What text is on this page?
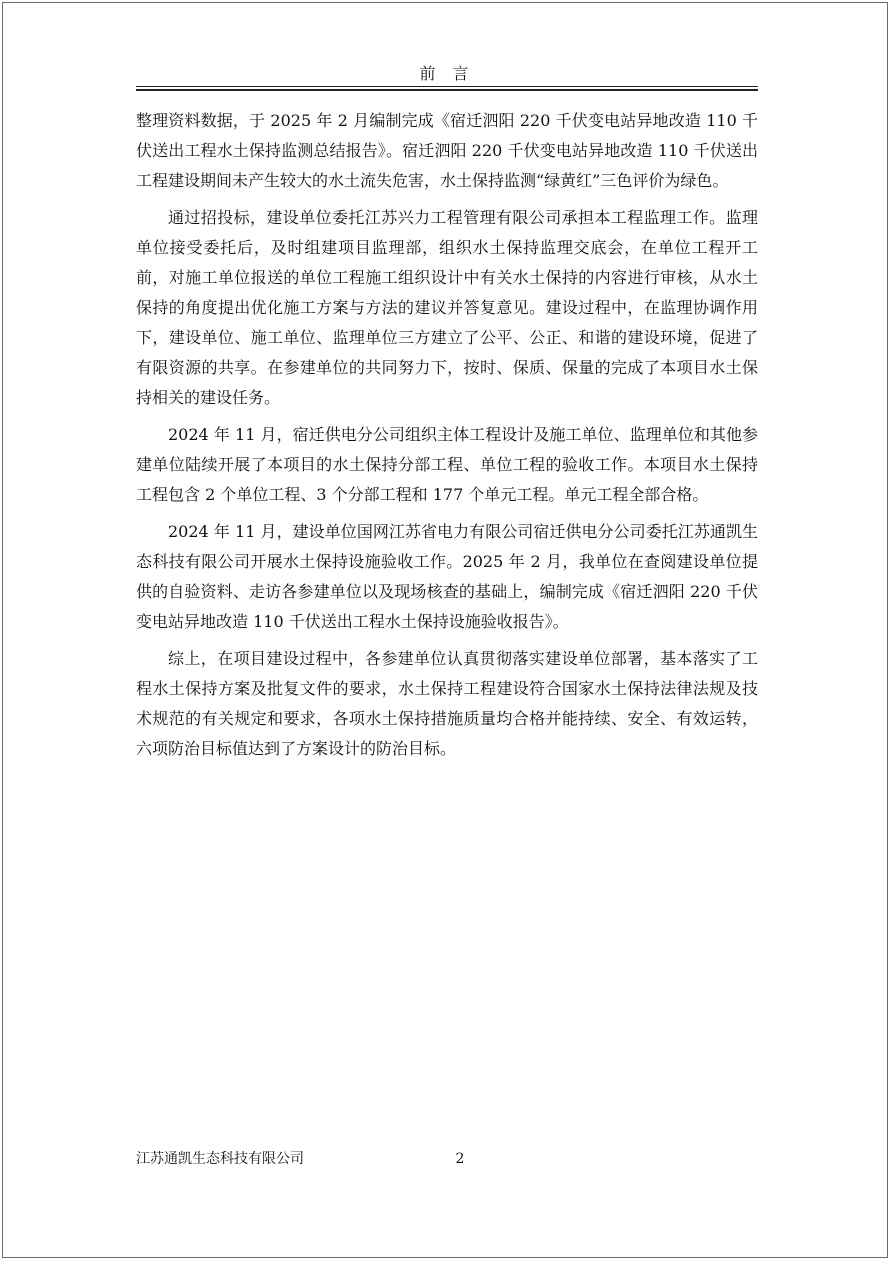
前 言

整理资料数据，于 2025 年 2 月编制完成《宿迁泗阳 220 千伏变电站异地改造 110 千伏送出工程水土保持监测总结报告》。宿迁泗阳 220 千伏变电站异地改造 110 千伏送出工程建设期间未产生较大的水土流失危害，水土保持监测“绿黄红”三色评价为绿色。

通过招投标，建设单位委托江苏兴力工程管理有限公司承担本工程监理工作。监理单位接受委托后，及时组建项目监理部，组织水土保持监理交底会，在单位工程开工前，对施工单位报送的单位工程施工组织设计中有关水土保持的内容进行审核，从水土保持的角度提出优化施工方案与方法的建议并答复意见。建设过程中，在监理协调作用下，建设单位、施工单位、监理单位三方建立了公平、公正、和谐的建设环境，促进了有限资源的共享。在参建单位的共同努力下，按时、保质、保量的完成了本项目水土保持相关的建设任务。

2024 年 11 月，宿迁供电分公司组织主体工程设计及施工单位、监理单位和其他参建单位陆续开展了本项目的水土保持分部工程、单位工程的验收工作。本项目水土保持工程包含 2 个单位工程、3 个分部工程和 177 个单元工程。单元工程全部合格。

2024 年 11 月，建设单位国网江苏省电力有限公司宿迁供电分公司委托江苏通凯生态科技有限公司开展水土保持设施验收工作。2025 年 2 月，我单位在查阅建设单位提供的自验资料、走访各参建单位以及现场核查的基础上，编制完成《宿迁泗阳 220 千伏变电站异地改造 110 千伏送出工程水土保持设施验收报告》。

综上，在项目建设过程中，各参建单位认真贯彻落实建设单位部署，基本落实了工程水土保持方案及批复文件的要求，水土保持工程建设符合国家水土保持法律法规及技术规范的有关规定和要求，各项水土保持措施质量均合格并能持续、安全、有效运转，六项防治目标值达到了方案设计的防治目标。

江苏通凯生态科技有限公司	2
